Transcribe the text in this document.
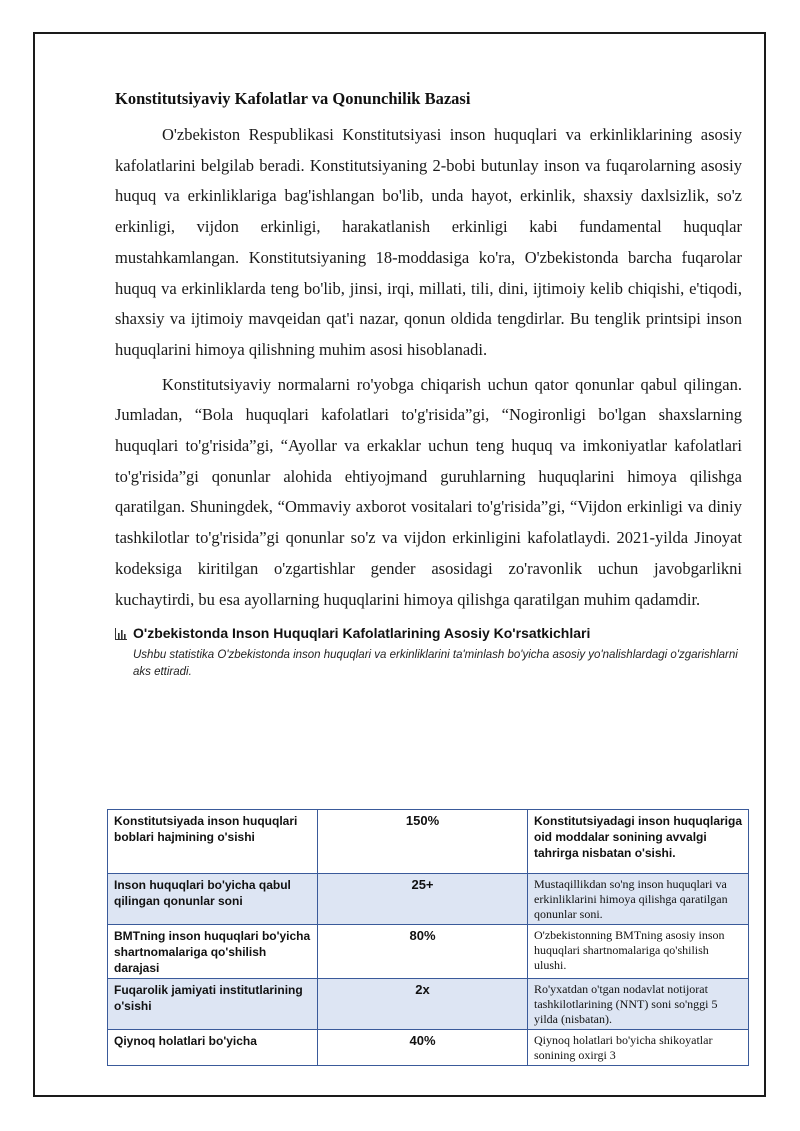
Konstitutsiyaviy Kafolatlar va Qonunchilik Bazasi

O'zbekiston Respublikasi Konstitutsiyasi inson huquqlari va erkinliklarining asosiy kafolatlarini belgilab beradi. Konstitutsiyaning 2-bobi butunlay inson va fuqarolarning asosiy huquq va erkinliklariga bag'ishlangan bo'lib, unda hayot, erkinlik, shaxsiy daxlsizlik, so'z erkinligi, vijdon erkinligi, harakatlanish erkinligi kabi fundamental huquqlar mustahkamlangan. Konstitutsiyaning 18-moddasiga ko'ra, O'zbekistonda barcha fuqarolar huquq va erkinliklarda teng bo'lib, jinsi, irqi, millati, tili, dini, ijtimoiy kelib chiqishi, e'tiqodi, shaxsiy va ijtimoiy mavqeidan qat'i nazar, qonun oldida tengdirlar. Bu tenglik printsipi inson huquqlarini himoya qilishning muhim asosi hisoblanadi.

Konstitutsiyaviy normalarni ro'yobga chiqarish uchun qator qonunlar qabul qilingan. Jumladan, “Bola huquqlari kafolatlari to'g'risida”gi, “Nogironligi bo'lgan shaxslarning huquqlari to'g'risida”gi, “Ayollar va erkaklar uchun teng huquq va imkoniyatlar kafolatlari to'g'risida”gi qonunlar alohida ehtiyojmand guruhlarning huquqlarini himoya qilishga qaratilgan. Shuningdek, “Ommaviy axborot vositalari to'g'risida”gi, “Vijdon erkinligi va diniy tashkilotlar to'g'risida”gi qonunlar so'z va vijdon erkinligini kafolatlaydi. 2021-yilda Jinoyat kodeksiga kiritilgan o'zgartishlar gender asosidagi zo'ravonlik uchun javobgarlikni kuchaytirdi, bu esa ayollarning huquqlarini himoya qilishga qaratilgan muhim qadamdir.

O'zbekistonda Inson Huquqlari Kafolatlarining Asosiy Ko'rsatkichlari

Ushbu statistika O'zbekistonda inson huquqlari va erkinliklarini ta'minlash bo'yicha asosiy yo'nalishlardagi o'zgarishlarni aks ettiradi.

Konstitutsiyada inson huquqlari boblari hajmining o'sishi	150%	Konstitutsiyadagi inson huquqlariga oid moddalar sonining avvalgi tahrirga nisbatan o'sishi.
Inson huquqlari bo'yicha qabul qilingan qonunlar soni	25+	Mustaqillikdan so'ng inson huquqlari va erkinliklarini himoya qilishga qaratilgan qonunlar soni.
BMTning inson huquqlari bo'yicha shartnomalariga qo'shilish darajasi	80%	O'zbekistonning BMTning asosiy inson huquqlari shartnomalariga qo'shilish ulushi.
Fuqarolik jamiyati institutlarining o'sishi	2x	Ro'yxatdan o'tgan nodavlat notijorat tashkilotlarining (NNT) soni so'nggi 5 yilda (nisbatan).
Qiynoq holatlari bo'yicha	40%	Qiynoq holatlari bo'yicha shikoyatlar sonining oxirgi 3
